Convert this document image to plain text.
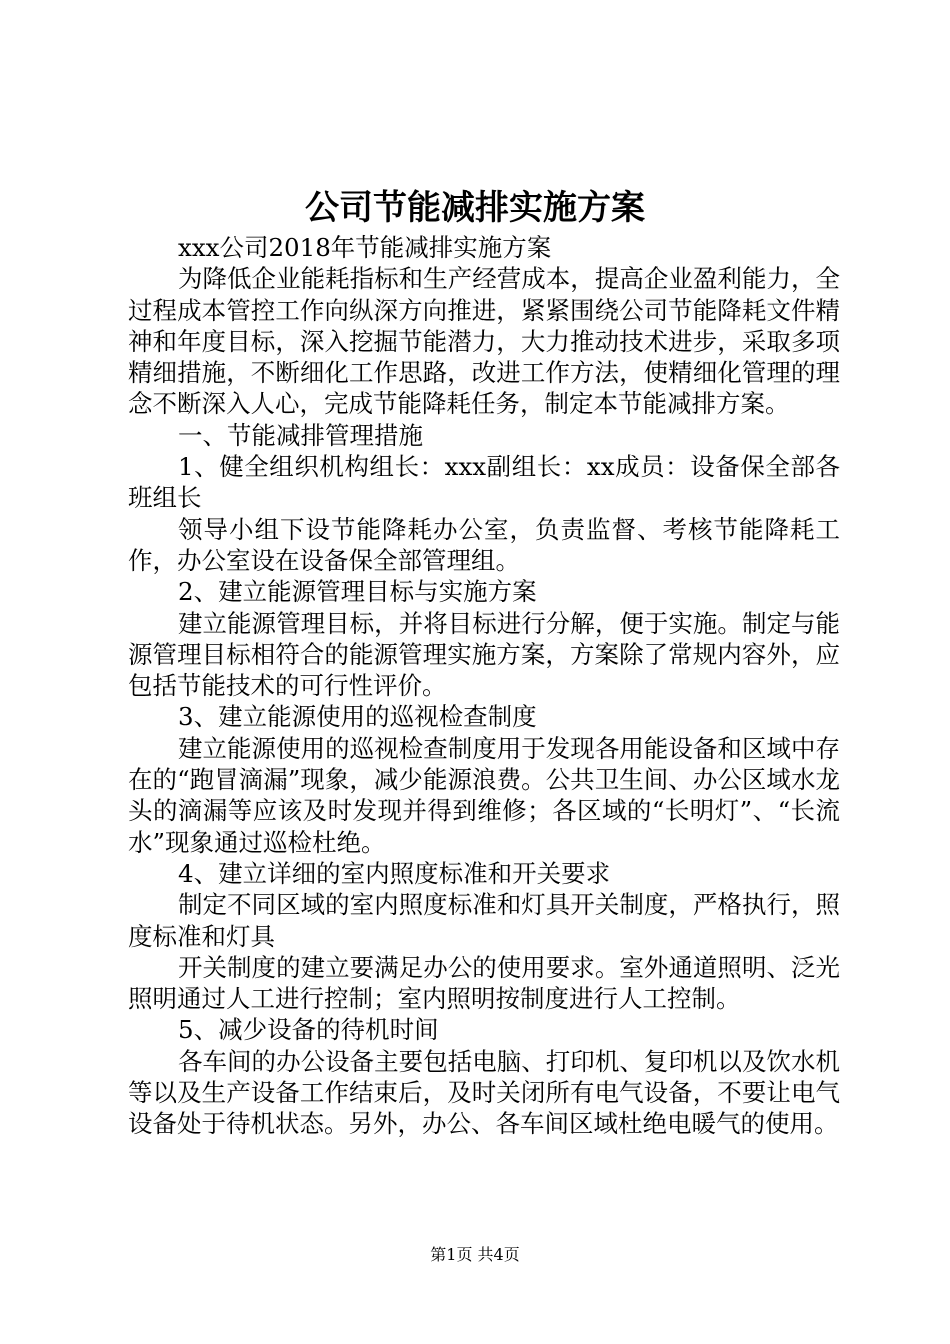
公司节能减排实施方案

xxx公司2018年节能减排实施方案

为降低企业能耗指标和生产经营成本，提高企业盈利能力，全过程成本管控工作向纵深方向推进，紧紧围绕公司节能降耗文件精神和年度目标，深入挖掘节能潜力，大力推动技术进步，采取多项精细措施，不断细化工作思路，改进工作方法，使精细化管理的理念不断深入人心，完成节能降耗任务，制定本节能减排方案。

一、节能减排管理措施

1、健全组织机构组长：xxx副组长：xx成员：设备保全部各班组长

领导小组下设节能降耗办公室，负责监督、考核节能降耗工作，办公室设在设备保全部管理组。

2、建立能源管理目标与实施方案

建立能源管理目标，并将目标进行分解，便于实施。制定与能源管理目标相符合的能源管理实施方案，方案除了常规内容外，应包括节能技术的可行性评价。

3、建立能源使用的巡视检查制度

建立能源使用的巡视检查制度用于发现各用能设备和区域中存在的“跑冒滴漏”现象，减少能源浪费。公共卫生间、办公区域水龙头的滴漏等应该及时发现并得到维修；各区域的“长明灯”、“长流水”现象通过巡检杜绝。

4、建立详细的室内照度标准和开关要求

制定不同区域的室内照度标准和灯具开关制度，严格执行，照度标准和灯具

开关制度的建立要满足办公的使用要求。室外通道照明、泛光照明通过人工进行控制；室内照明按制度进行人工控制。

5、减少设备的待机时间

各车间的办公设备主要包括电脑、打印机、复印机以及饮水机等以及生产设备工作结束后，及时关闭所有电气设备，不要让电气设备处于待机状态。另外，办公、各车间区域杜绝电暖气的使用。

第1页 共4页
